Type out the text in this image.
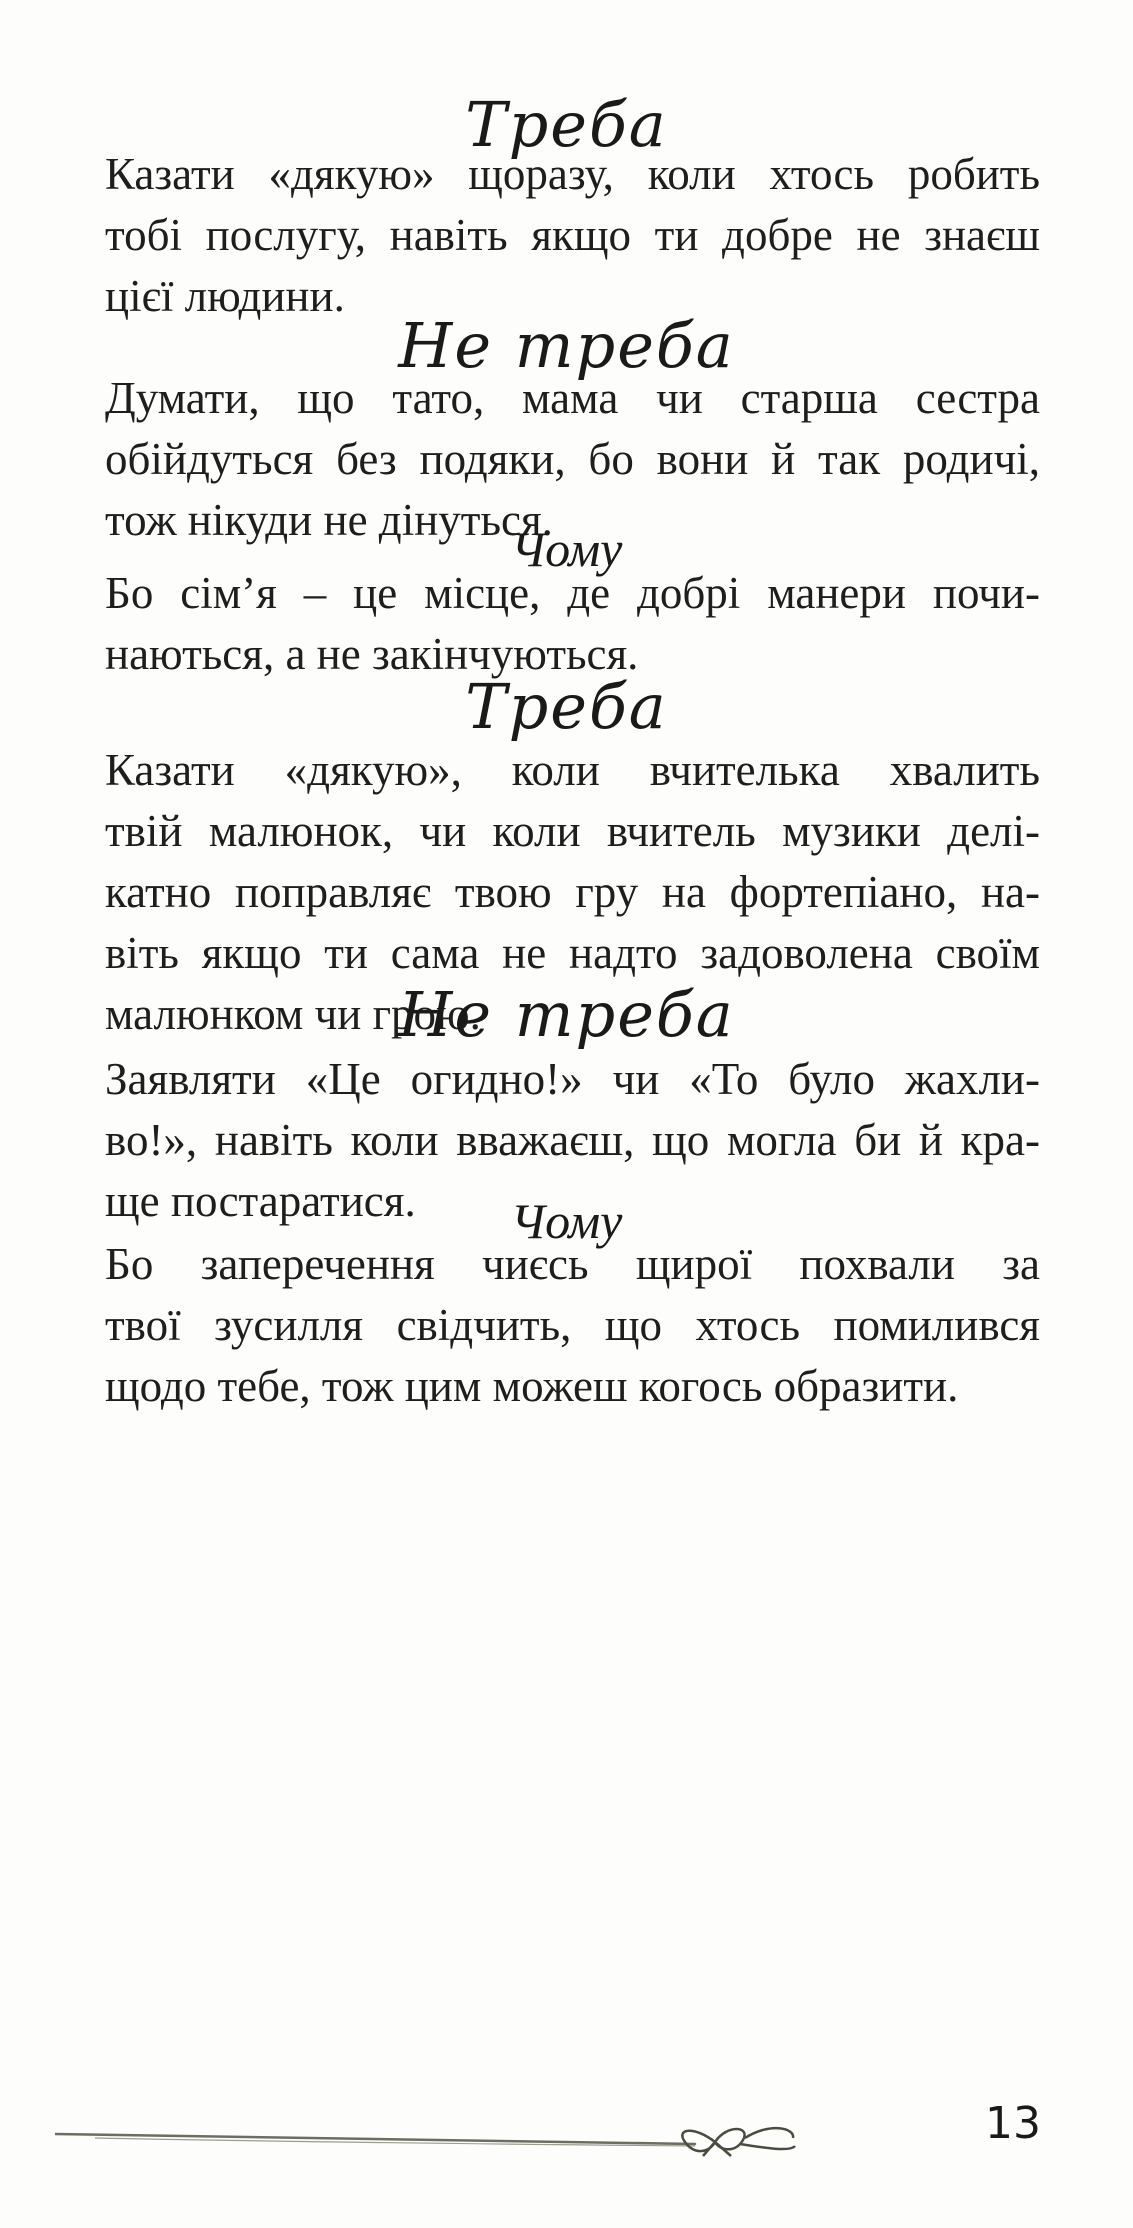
Треба
Казати «дякую» щоразу, коли хтось робить
тобі послугу, навіть якщо ти добре не знаєш
цієї людини.
Не треба
Думати, що тато, мама чи старша сестра
обійдуться без подяки, бо вони й так родичі,
тож нікуди не дінуться.
Чому
Бо сім’я – це місце, де добрі манери почи-
наються, а не закінчуються.
Треба
Казати «дякую», коли вчителька хвалить
твій малюнок, чи коли вчитель музики делі-
катно поправляє твою гру на фортепіано, на-
віть якщо ти сама не надто задоволена своїм
малюнком чи грою.
Не треба
Заявляти «Це огидно!» чи «То було жахли-
во!», навіть коли вважаєш, що могла би й кра-
ще постаратися.	Чому
Бо заперечення чиєсь щирої похвали за
твої зусилля свідчить, що хтось помилився
щодо тебе, тож цим можеш когось образити.
13
